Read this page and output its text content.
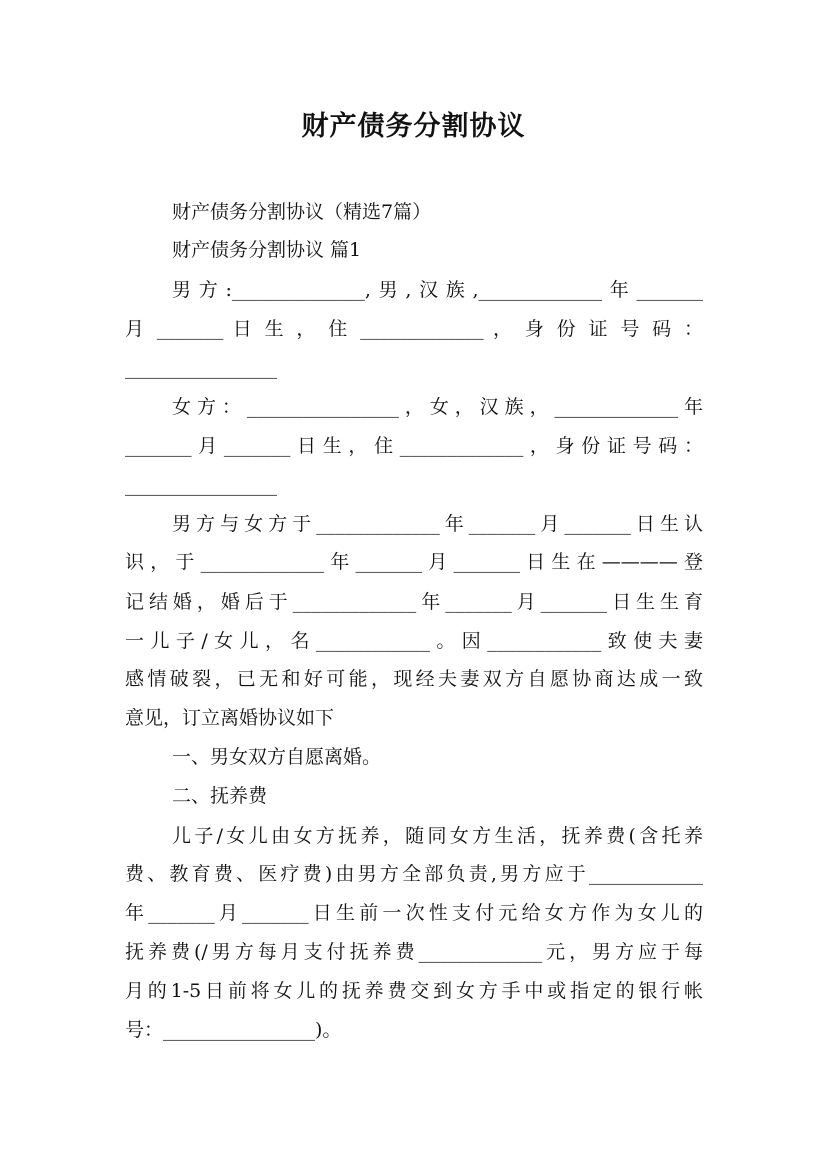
财产债务分割协议
财产债务分割协议（精选7篇）
财产债务分割协议 篇1
男方:______________,男,汉族,_____________年_______
月 _______ 日 生 ， 住 _____________ ， 身 份 证 号 码 ：
________________
女方：________________，女，汉族，_____________年
_______月_______日生，住_____________，身份证号码：
________________
男方与女方于_____________年_______月_______日生认
识，于_____________年_______月_______日生在————登
记结婚，婚后于_____________年_______月_______日生生育
一儿子/女儿，名____________。因____________致使夫妻
感情破裂，已无和好可能，现经夫妻双方自愿协商达成一致
意见，订立离婚协议如下
一、男女双方自愿离婚。
二、抚养费
儿子/女儿由女方抚养，随同女方生活，抚养费(含托养
费、教育费、医疗费)由男方全部负责,男方应于____________
年_______月_______日生前一次性支付元给女方作为女儿的
抚养费(/男方每月支付抚养费_____________元，男方应于每
月的1-5日前将女儿的抚养费交到女方手中或指定的银行帐
号：________________)。
